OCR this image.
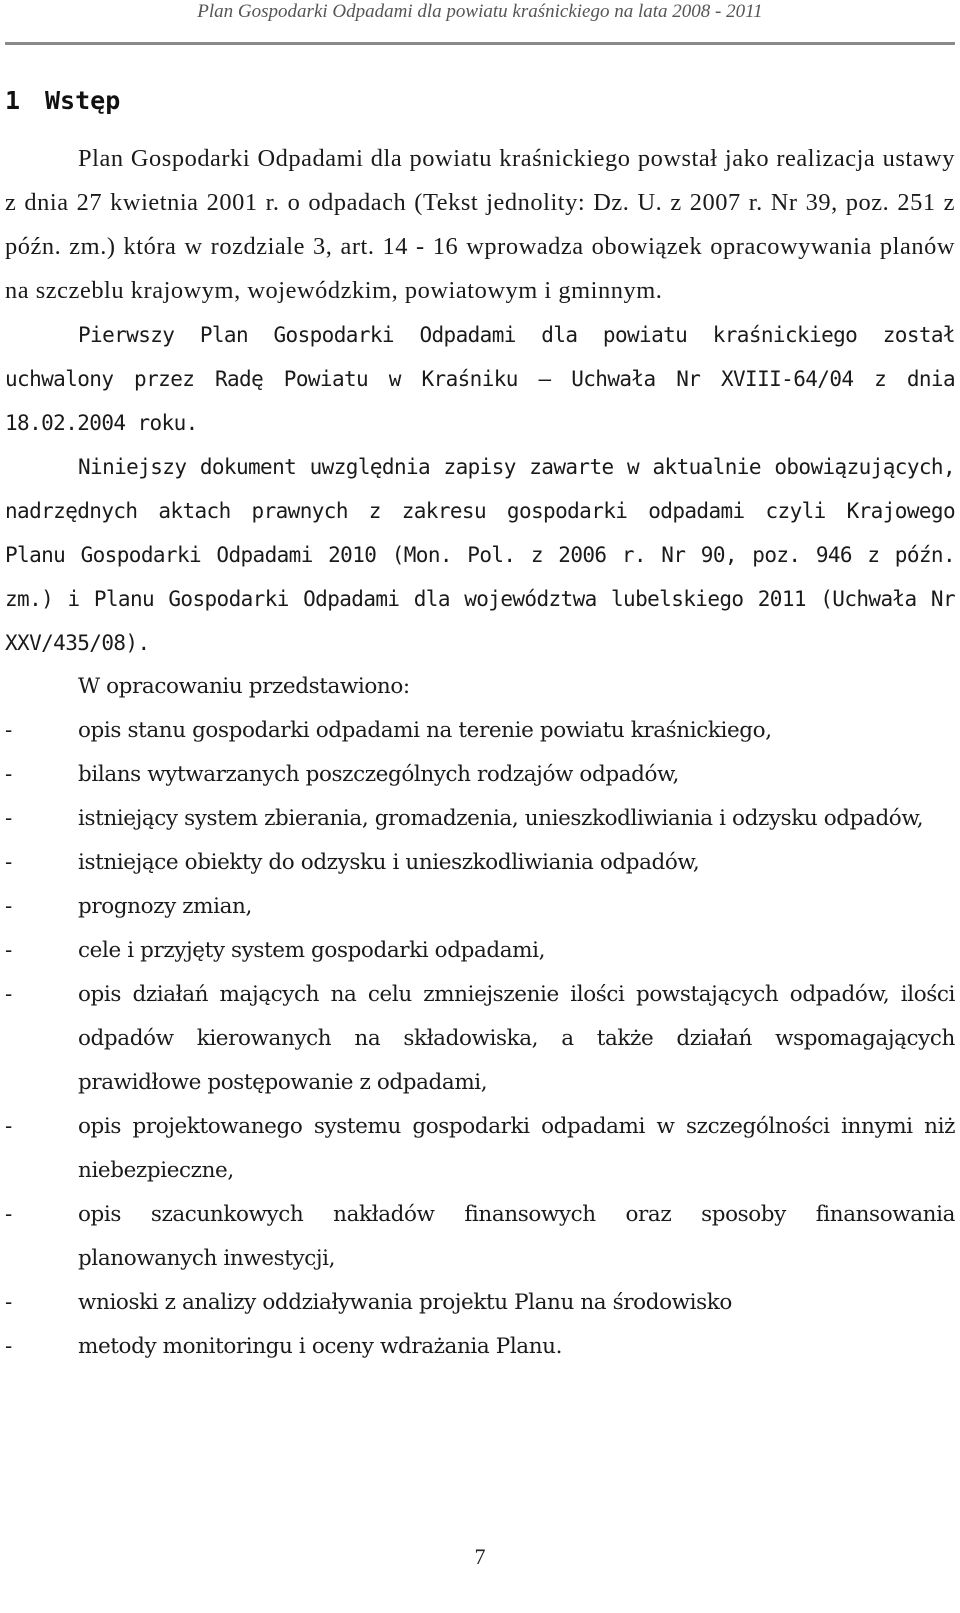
Plan Gospodarki Odpadami dla powiatu kraśnickiego na lata 2008 - 2011
1 Wstęp

Plan Gospodarki Odpadami dla powiatu kraśnickiego powstał jako realizacja ustawy z dnia 27 kwietnia 2001 r. o odpadach (Tekst jednolity: Dz. U. z 2007 r. Nr 39, poz. 251 z późn. zm.) która w rozdziale 3, art. 14 - 16 wprowadza obowiązek opracowywania planów na szczeblu krajowym, wojewódzkim, powiatowym i gminnym.

Pierwszy Plan Gospodarki Odpadami dla powiatu kraśnickiego został uchwalony przez Radę Powiatu w Kraśniku – Uchwała Nr XVIII-64/04 z dnia 18.02.2004 roku.

Niniejszy dokument uwzględnia zapisy zawarte w aktualnie obowiązujących, nadrzędnych aktach prawnych z zakresu gospodarki odpadami czyli Krajowego Planu Gospodarki Odpadami 2010 (Mon. Pol. z 2006 r. Nr 90, poz. 946 z późn. zm.) i Planu Gospodarki Odpadami dla województwa lubelskiego 2011 (Uchwała Nr XXV/435/08).

W opracowaniu przedstawiono:

-	opis stanu gospodarki odpadami na terenie powiatu kraśnickiego,
-	bilans wytwarzanych poszczególnych rodzajów odpadów,
-	istniejący system zbierania, gromadzenia, unieszkodliwiania i odzysku odpadów,
-	istniejące obiekty do odzysku i unieszkodliwiania odpadów,
-	prognozy zmian,
-	cele i przyjęty system gospodarki odpadami,
-	opis działań mających na celu zmniejszenie ilości powstających odpadów, ilości odpadów kierowanych na składowiska, a także działań wspomagających prawidłowe postępowanie z odpadami,
-	opis projektowanego systemu gospodarki odpadami w szczególności innymi niż niebezpieczne,
-	opis szacunkowych nakładów finansowych oraz sposoby finansowania planowanych inwestycji,
-	wnioski z analizy oddziaływania projektu Planu na środowisko
-	metody monitoringu i oceny wdrażania Planu.
7
